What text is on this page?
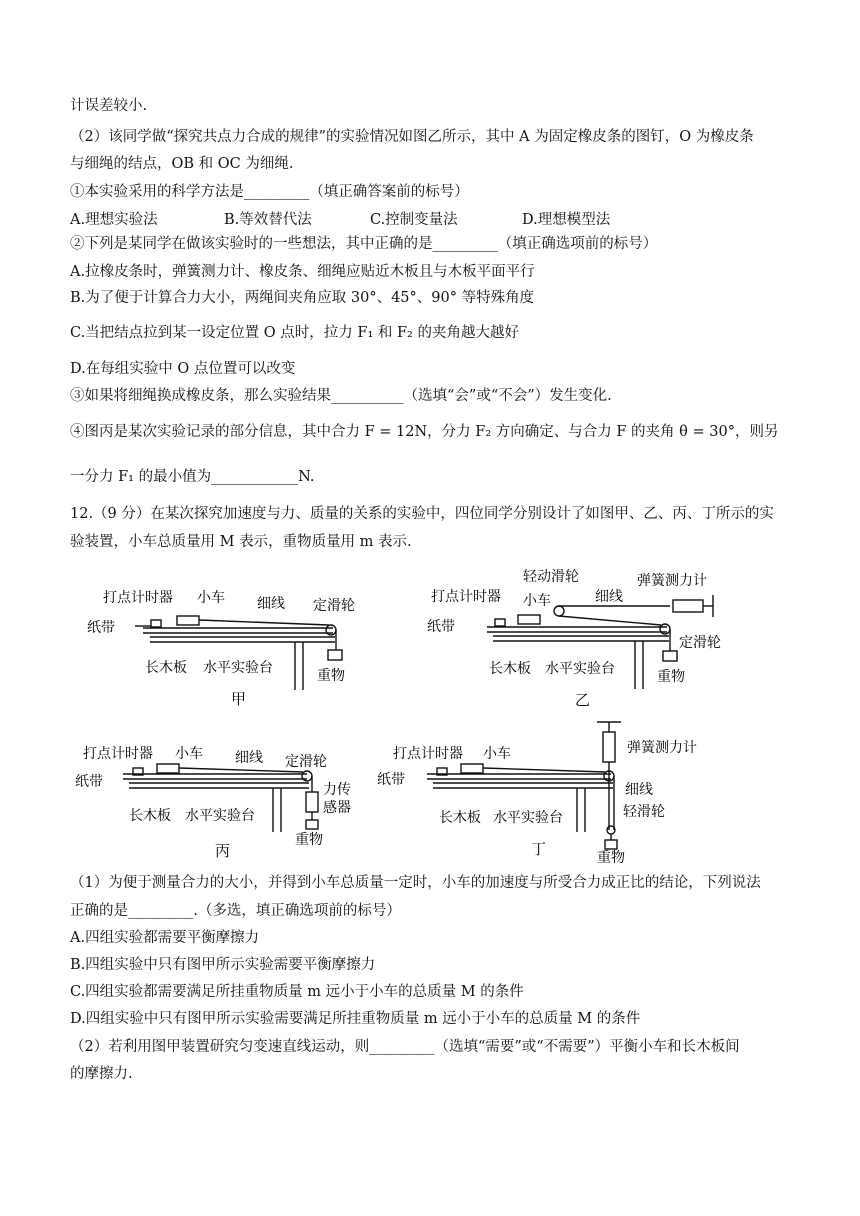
计误差较小.
（2）该同学做“探究共点力合成的规律”的实验情况如图乙所示，其中 A 为固定橡皮条的图钉，O 为橡皮条
与细绳的结点，OB 和 OC 为细绳.
①本实验采用的科学方法是_________（填正确答案前的标号）
A.理想实验法	B.等效替代法	C.控制变量法	D.理想模型法
②下列是某同学在做该实验时的一些想法，其中正确的是_________（填正确选项前的标号）
A.拉橡皮条时，弹簧测力计、橡皮条、细绳应贴近木板且与木板平面平行
B.为了便于计算合力大小，两绳间夹角应取 30°、45°、90° 等特殊角度
C.当把结点拉到某一设定位置 O 点时，拉力 F₁ 和 F₂ 的夹角越大越好
D.在每组实验中 O 点位置可以改变
③如果将细绳换成橡皮条，那么实验结果__________（选填“会”或“不会”）发生变化.
④图丙是某次实验记录的部分信息，其中合力 F = 12N，分力 F₂ 方向确定、与合力 F 的夹角 θ = 30°，则另
一分力 F₁ 的最小值为____________N.
12.（9 分）在某次探究加速度与力、质量的关系的实验中，四位同学分别设计了如图甲、乙、丙、丁所示的实
验装置，小车总质量用 M 表示，重物质量用 m 表示.
打点计时器 小车 细线 定滑轮
纸带
长木板 水平实验台	重物
甲
轻动滑轮	弹簧测力计
打点计时器 小车	细线
纸带
定滑轮
长木板 水平实验台	重物
乙
打点计时器 小车 细线 定滑轮
纸带	力传
感器
长木板 水平实验台
重物
丙
打点计时器 小车	弹簧测力计
纸带
细线
轻滑轮
长木板 水平实验台
重物
丁
（1）为便于测量合力的大小，并得到小车总质量一定时，小车的加速度与所受合力成正比的结论，下列说法
正确的是_________.（多选，填正确选项前的标号）
A.四组实验都需要平衡摩擦力
B.四组实验中只有图甲所示实验需要平衡摩擦力
C.四组实验都需要满足所挂重物质量 m 远小于小车的总质量 M 的条件
D.四组实验中只有图甲所示实验需要满足所挂重物质量 m 远小于小车的总质量 M 的条件
（2）若利用图甲装置研究匀变速直线运动，则_________（选填“需要”或“不需要”）平衡小车和长木板间
的摩擦力.
